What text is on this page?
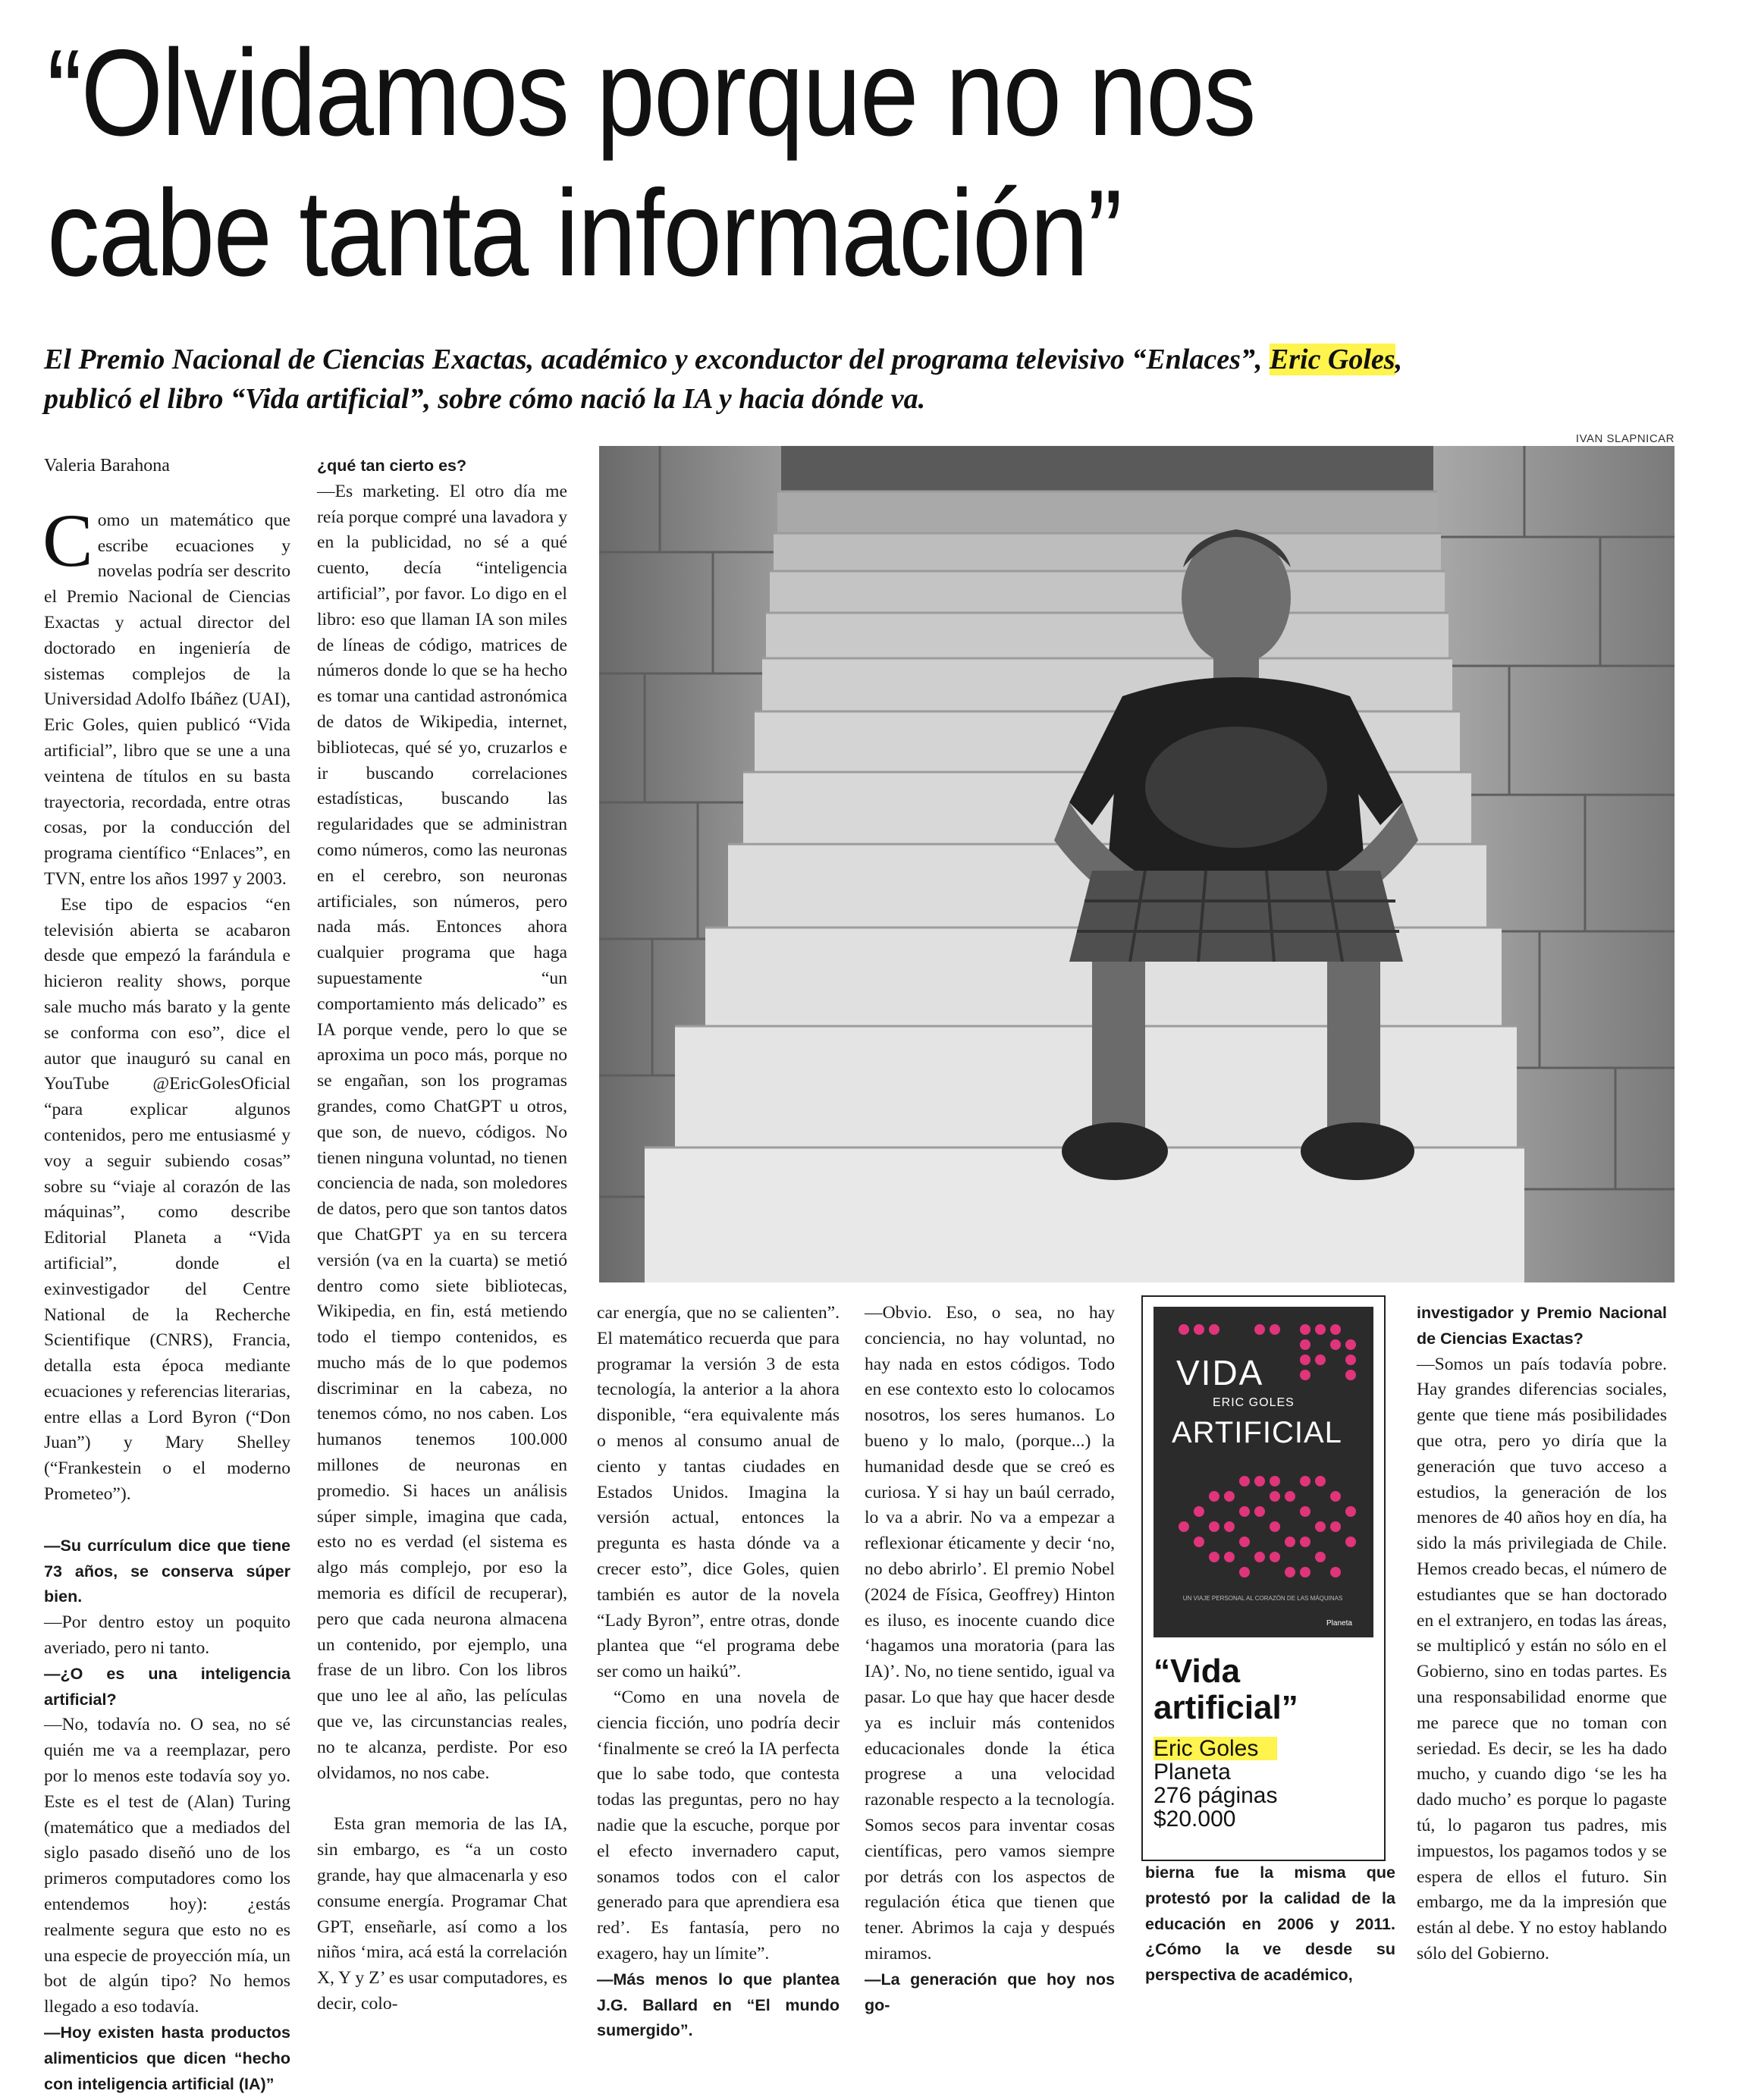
“Olvidamos porque no nos
cabe tanta información”
El Premio Nacional de Ciencias Exactas, académico y exconductor del programa televisivo “Enlaces”, Eric Goles,
publicó el libro “Vida artificial”, sobre cómo nació la IA y hacia dónde va.
IVAN SLAPNICAR
Valeria Barahona

Como un matemático que escribe ecuaciones y novelas podría ser descrito el Premio Nacional de Ciencias Exactas y actual director del doctorado en ingeniería de sistemas complejos de la Universidad Adolfo Ibáñez (UAI), Eric Goles, quien publicó “Vida artificial”, libro que se une a una veintena de títulos en su basta trayectoria, recordada, entre otras cosas, por la conducción del programa científico “Enlaces”, en TVN, entre los años 1997 y 2003.

Ese tipo de espacios “en televisión abierta se acabaron desde que empezó la farándula e hicieron reality shows, porque sale mucho más barato y la gente se conforma con eso”, dice el autor que inauguró su canal en YouTube @EricGolesOficial “para explicar algunos contenidos, pero me entusiasmé y voy a seguir subiendo cosas” sobre su “viaje al corazón de las máquinas”, como describe Editorial Planeta a “Vida artificial”, donde el exinvestigador del Centre National de la Recherche Scientifique (CNRS), Francia, detalla esta época mediante ecuaciones y referencias literarias, entre ellas a Lord Byron (“Don Juan”) y Mary Shelley (“Frankestein o el moderno Prometeo”).

—Su currículum dice que tiene 73 años, se conserva súper bien.

—Por dentro estoy un poquito averiado, pero ni tanto.

—¿O es una inteligencia artificial?

—No, todavía no. O sea, no sé quién me va a reemplazar, pero por lo menos este todavía soy yo. Este es el test de (Alan) Turing (matemático que a mediados del siglo pasado diseñó uno de los primeros computadores como los entendemos hoy): ¿estás realmente segura que esto no es una especie de proyección mía, un bot de algún tipo? No hemos llegado a eso todavía.

—Hoy existen hasta productos alimenticios que dicen “hecho con inteligencia artificial (IA)”

¿qué tan cierto es?

—Es marketing. El otro día me reía porque compré una lavadora y en la publicidad, no sé a qué cuento, decía “inteligencia artificial”, por favor. Lo digo en el libro: eso que llaman IA son miles de líneas de código, matrices de números donde lo que se ha hecho es tomar una cantidad astronómica de datos de Wikipedia, internet, bibliotecas, qué sé yo, cruzarlos e ir buscando correlaciones estadísticas, buscando las regularidades que se administran como números, como las neuronas en el cerebro, son neuronas artificiales, son números, pero nada más. Entonces ahora cualquier programa que haga supuestamente “un comportamiento más delicado” es IA porque vende, pero lo que se aproxima un poco más, porque no se engañan, son los programas grandes, como ChatGPT u otros, que son, de nuevo, códigos. No tienen ninguna voluntad, no tienen conciencia de nada, son moledores de datos, pero que son tantos datos que ChatGPT ya en su tercera versión (va en la cuarta) se metió dentro como siete bibliotecas, Wikipedia, en fin, está metiendo todo el tiempo contenidos, es mucho más de lo que podemos discriminar en la cabeza, no tenemos cómo, no nos caben. Los humanos tenemos 100.000 millones de neuronas en promedio. Si haces un análisis súper simple, imagina que cada, esto no es verdad (el sistema es algo más complejo, por eso la memoria es difícil de recuperar), pero que cada neurona almacena un contenido, por ejemplo, una frase de un libro. Con los libros que uno lee al año, las películas que ve, las circunstancias reales, no te alcanza, perdiste. Por eso olvidamos, no nos cabe.

Esta gran memoria de las IA, sin embargo, es “a un costo grande, hay que almacenarla y eso consume energía. Programar Chat GPT, enseñarle, así como a los niños ‘mira, acá está la correlación X, Y y Z’ es usar computadores, es decir, colo-

car energía, que no se calienten”. El matemático recuerda que para programar la versión 3 de esta tecnología, la anterior a la ahora disponible, “era equivalente más o menos al consumo anual de ciento y tantas ciudades en Estados Unidos. Imagina la versión actual, entonces la pregunta es hasta dónde va a crecer esto”, dice Goles, quien también es autor de la novela “Lady Byron”, entre otras, donde plantea que “el programa debe ser como un haikú”.

“Como en una novela de ciencia ficción, uno podría decir ‘finalmente se creó la IA perfecta que lo sabe todo, que contesta todas las preguntas, pero no hay nadie que la escuche, porque por el efecto invernadero caput, sonamos todos con el calor generado para que aprendiera esa red’. Es fantasía, pero no exagero, hay un límite”.

—Más menos lo que plantea J.G. Ballard en “El mundo sumergido”.

—Obvio. Eso, o sea, no hay conciencia, no hay voluntad, no hay nada en estos códigos. Todo en ese contexto esto lo colocamos nosotros, los seres humanos. Lo bueno y lo malo, (porque...) la humanidad desde que se creó es curiosa. Y si hay un baúl cerrado, lo va a abrir. No va a empezar a reflexionar éticamente y decir ‘no, no debo abrirlo’. El premio Nobel (2024 de Física, Geoffrey) Hinton es iluso, es inocente cuando dice ‘hagamos una moratoria (para las IA)’. No, no tiene sentido, igual va pasar. Lo que hay que hacer desde ya es incluir más contenidos educacionales donde la ética progrese a una velocidad razonable respecto a la tecnología. Somos secos para inventar cosas científicas, pero vamos siempre por detrás con los aspectos de regulación ética que tienen que tener. Abrimos la caja y después miramos.

—La generación que hoy nos go-

VIDA
ERIC GOLES
ARTIFICIAL
UN VIAJE PERSONAL AL CORAZÓN DE LAS MÁQUINAS
Planeta
“Vida artificial”
Eric Goles
Planeta
276 páginas
$20.000

bierna fue la misma que protestó por la calidad de la educación en 2006 y 2011. ¿Cómo la ve desde su perspectiva de académico,

investigador y Premio Nacional de Ciencias Exactas?

—Somos un país todavía pobre. Hay grandes diferencias sociales, gente que tiene más posibilidades que otra, pero yo diría que la generación que tuvo acceso a estudios, la generación de los menores de 40 años hoy en día, ha sido la más privilegiada de Chile. Hemos creado becas, el número de estudiantes que se han doctorado en el extranjero, en todas las áreas, se multiplicó y están no sólo en el Gobierno, sino en todas partes. Es una responsabilidad enorme que me parece que no toman con seriedad. Es decir, se les ha dado mucho, y cuando digo ‘se les ha dado mucho’ es porque lo pagaste tú, lo pagaron tus padres, mis impuestos, los pagamos todos y se espera de ellos el futuro. Sin embargo, me da la impresión que están al debe. Y no estoy hablando sólo del Gobierno.
